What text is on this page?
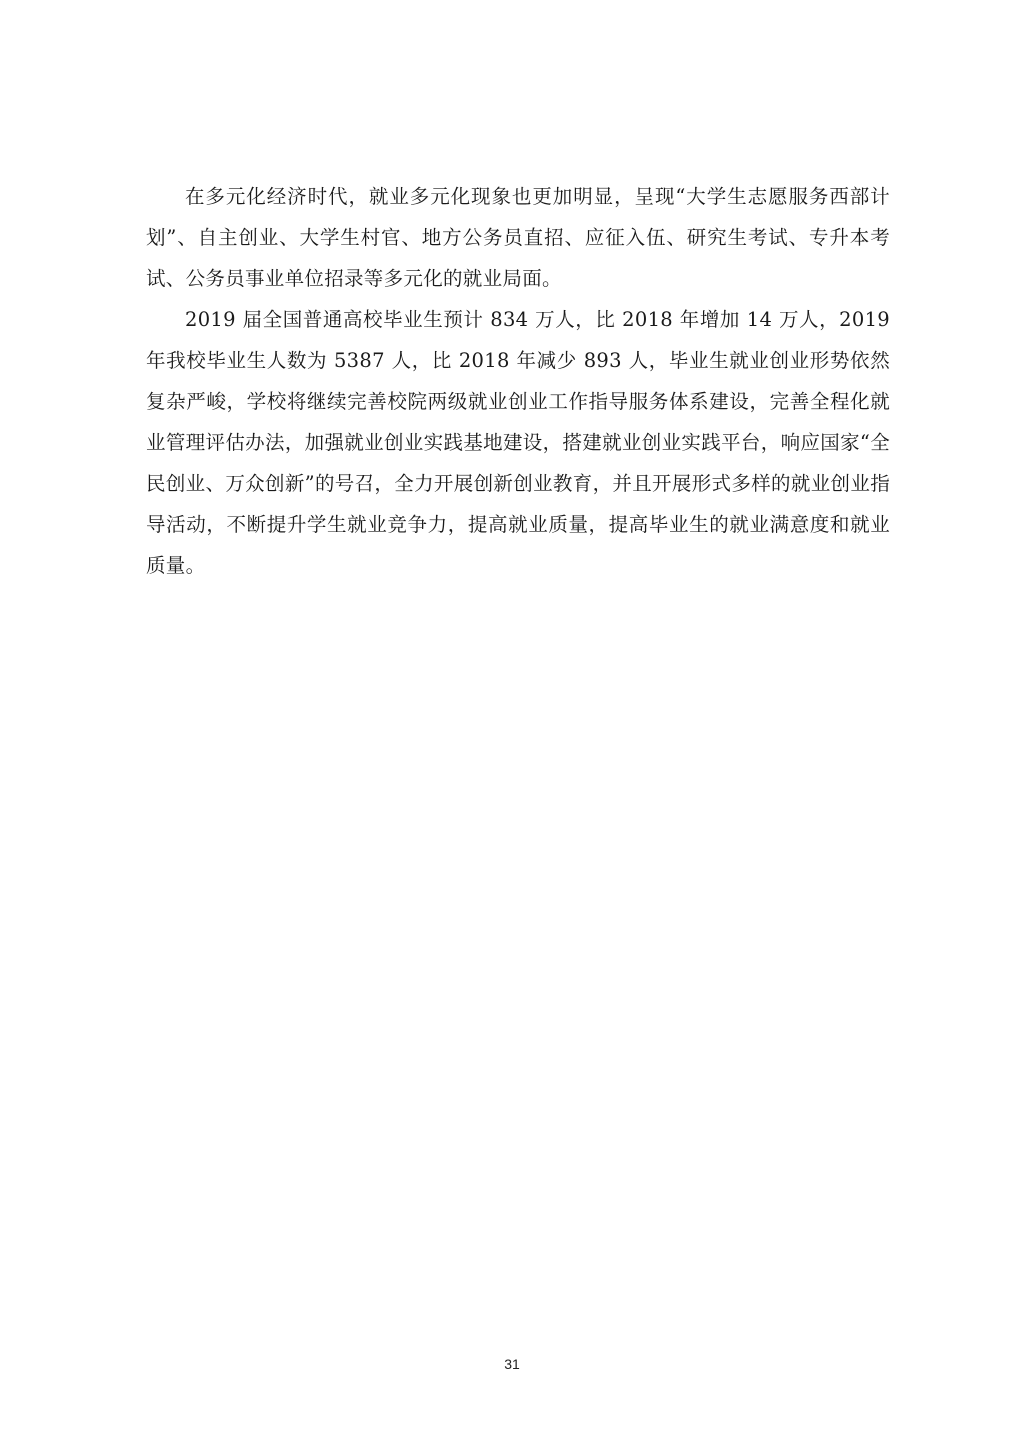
在多元化经济时代，就业多元化现象也更加明显，呈现“大学生志愿服务西部计划”、自主创业、大学生村官、地方公务员直招、应征入伍、研究生考试、专升本考试、公务员事业单位招录等多元化的就业局面。

2019 届全国普通高校毕业生预计 834 万人，比 2018 年增加 14 万人，2019 年我校毕业生人数为 5387 人，比 2018 年减少 893 人，毕业生就业创业形势依然复杂严峻，学校将继续完善校院两级就业创业工作指导服务体系建设，完善全程化就业管理评估办法，加强就业创业实践基地建设，搭建就业创业实践平台，响应国家“全民创业、万众创新”的号召，全力开展创新创业教育，并且开展形式多样的就业创业指导活动，不断提升学生就业竞争力，提高就业质量，提高毕业生的就业满意度和就业质量。

31
